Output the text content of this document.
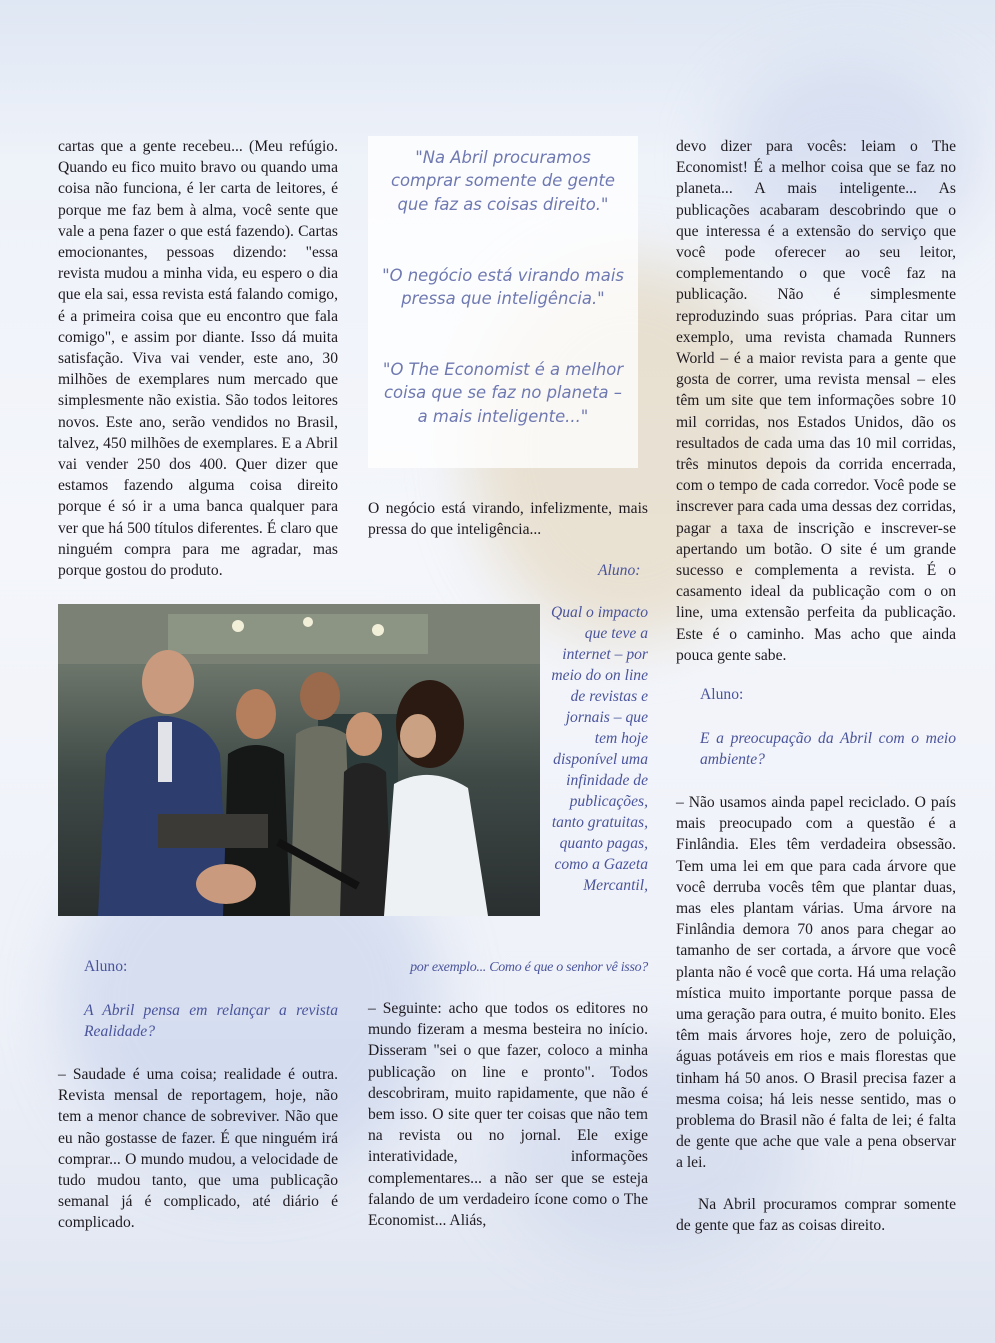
cartas que a gente recebeu... (Meu refúgio. Quando eu fico muito bravo ou quando uma coisa não funciona, é ler carta de leitores, é porque me faz bem à alma, você sente que vale a pena fazer o que está fazendo). Cartas emocionantes, pessoas dizendo: "essa revista mudou a minha vida, eu espero o dia que ela sai, essa revista está falando comigo, é a primeira coisa que eu encontro que fala comigo", e assim por diante. Isso dá muita satisfação. Viva vai vender, este ano, 30 milhões de exemplares num mercado que simplesmente não existia. São todos leitores novos. Este ano, serão vendidos no Brasil, talvez, 450 milhões de exemplares. E a Abril vai vender 250 dos 400. Quer dizer que estamos fazendo alguma coisa direito porque é só ir a uma banca qualquer para ver que há 500 títulos diferentes. É claro que ninguém compra para me agradar, mas porque gostou do produto.

"Na Abril procuramos comprar somente de gente que faz as coisas direito."

"O negócio está virando mais pressa que inteligência."

"O The Economist é a melhor coisa que se faz no planeta – a mais inteligente..."

O negócio está virando, infelizmente, mais pressa do que inteligência...

Aluno:
Qual o impacto que teve a internet – por meio do on line de revistas e jornais – que tem hoje disponível uma infinidade de publicações, tanto gratuitas, quanto pagas, como a Gazeta Mercantil,
por exemplo... Como é que o senhor vê isso?
– Seguinte: acho que todos os editores no mundo fizeram a mesma besteira no início. Disseram "sei o que fazer, coloco a minha publicação on line e pronto". Todos descobriram, muito rapidamente, que não é bem isso. O site quer ter coisas que não tem na revista ou no jornal. Ele exige interatividade, informações complementares... a não ser que se esteja falando de um verdadeiro ícone como o The Economist... Aliás,
Aluno:
A Abril pensa em relançar a revista Realidade?
– Saudade é uma coisa; realidade é outra. Revista mensal de reportagem, hoje, não tem a menor chance de sobreviver. Não que eu não gostasse de fazer. É que ninguém irá comprar... O mundo mudou, a velocidade de tudo mudou tanto, que uma publicação semanal já é complicado, até diário é complicado.

devo dizer para vocês: leiam o The Economist! É a melhor coisa que se faz no planeta... A mais inteligente... As publicações acabaram descobrindo que o que interessa é a extensão do serviço que você pode oferecer ao seu leitor, complementando o que você faz na publicação. Não é simplesmente reproduzindo suas próprias. Para citar um exemplo, uma revista chamada Runners World – é a maior revista para a gente que gosta de correr, uma revista mensal – eles têm um site que tem informações sobre 10 mil corridas, nos Estados Unidos, dão os resultados de cada uma das 10 mil corridas, três minutos depois da corrida encerrada, com o tempo de cada corredor. Você pode se inscrever para cada uma dessas dez corridas, pagar a taxa de inscrição e inscrever-se apertando um botão. O site é um grande sucesso e complementa a revista. É o casamento ideal da publicação com o on line, uma extensão perfeita da publicação. Este é o caminho. Mas acho que ainda pouca gente sabe.

Aluno:
E a preocupação da Abril com o meio ambiente?
– Não usamos ainda papel reciclado. O país mais preocupado com a questão é a Finlândia. Eles têm verdadeira obsessão. Tem uma lei em que para cada árvore que você derruba vocês têm que plantar duas, mas eles plantam várias. Uma árvore na Finlândia demora 70 anos para chegar ao tamanho de ser cortada, a árvore que você planta não é você que corta. Há uma relação mística muito importante porque passa de uma geração para outra, é muito bonito. Eles têm mais árvores hoje, zero de poluição, águas potáveis em rios e mais florestas que tinham há 50 anos. O Brasil precisa fazer a mesma coisa; há leis nesse sentido, mas o problema do Brasil não é falta de lei; é falta de gente que ache que vale a pena observar a lei.
Na Abril procuramos comprar somente de gente que faz as coisas direito.
